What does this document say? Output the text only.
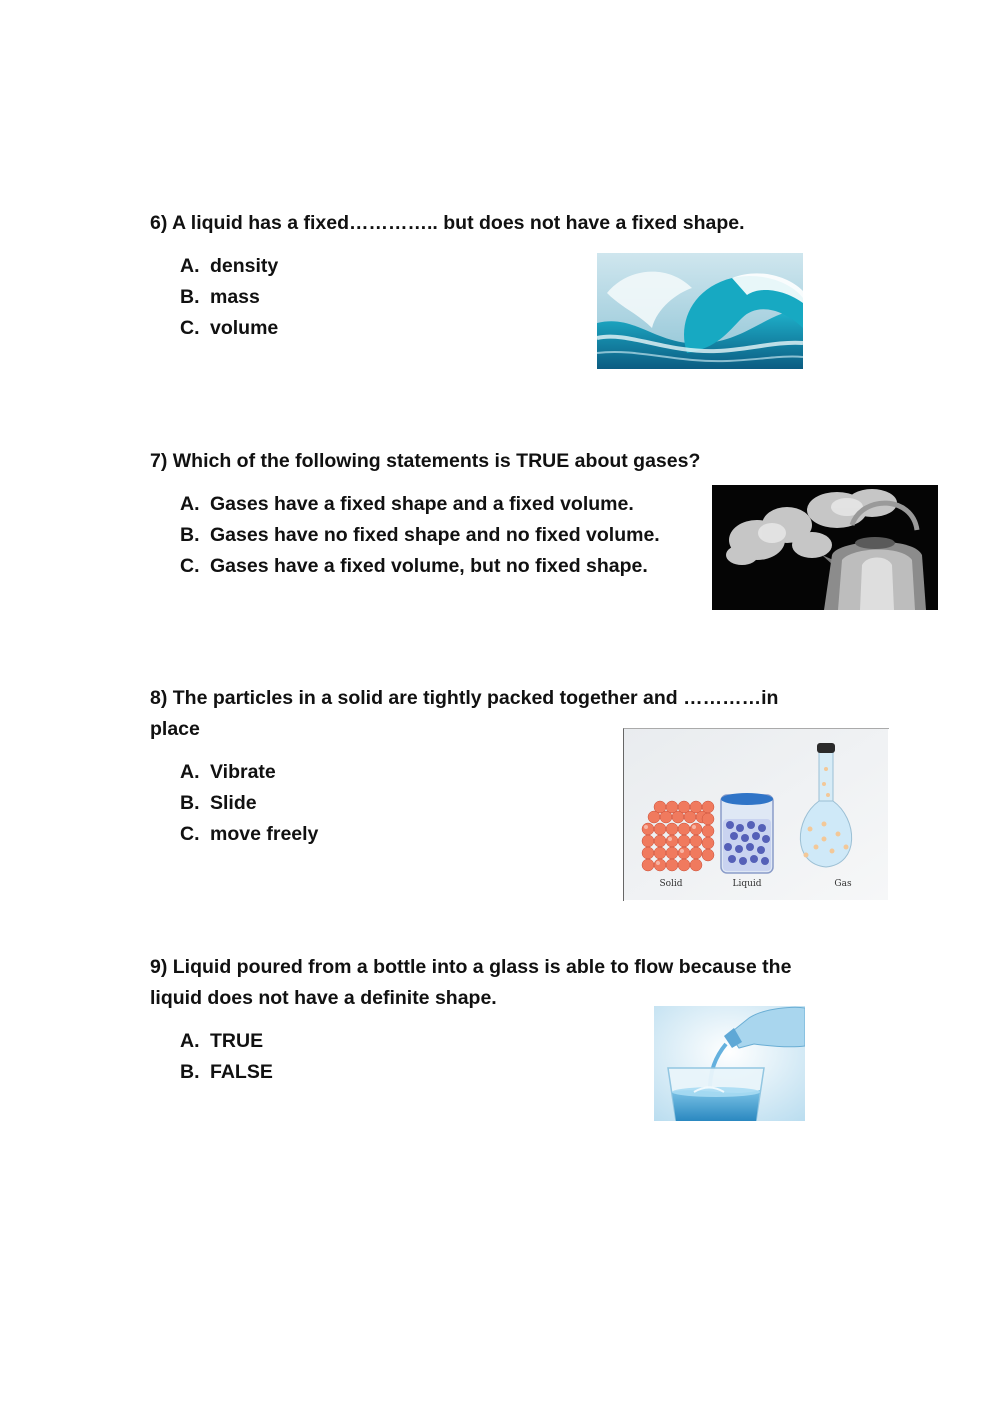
6) A liquid has a fixed………….. but does not have a fixed shape.
A. density
B. mass
C. volume
7) Which of the following statements is TRUE about gases?
A. Gases have a fixed shape and a fixed volume.
B. Gases have no fixed shape and no fixed volume.
C. Gases have a fixed volume, but no fixed shape.
8) The particles in a solid are tightly packed together and …………in place
A. Vibrate
B. Slide
C. move freely
Solid	Liquid	Gas
9) Liquid poured from a bottle into a glass is able to flow because the liquid does not have a definite shape.
A. TRUE
B. FALSE
